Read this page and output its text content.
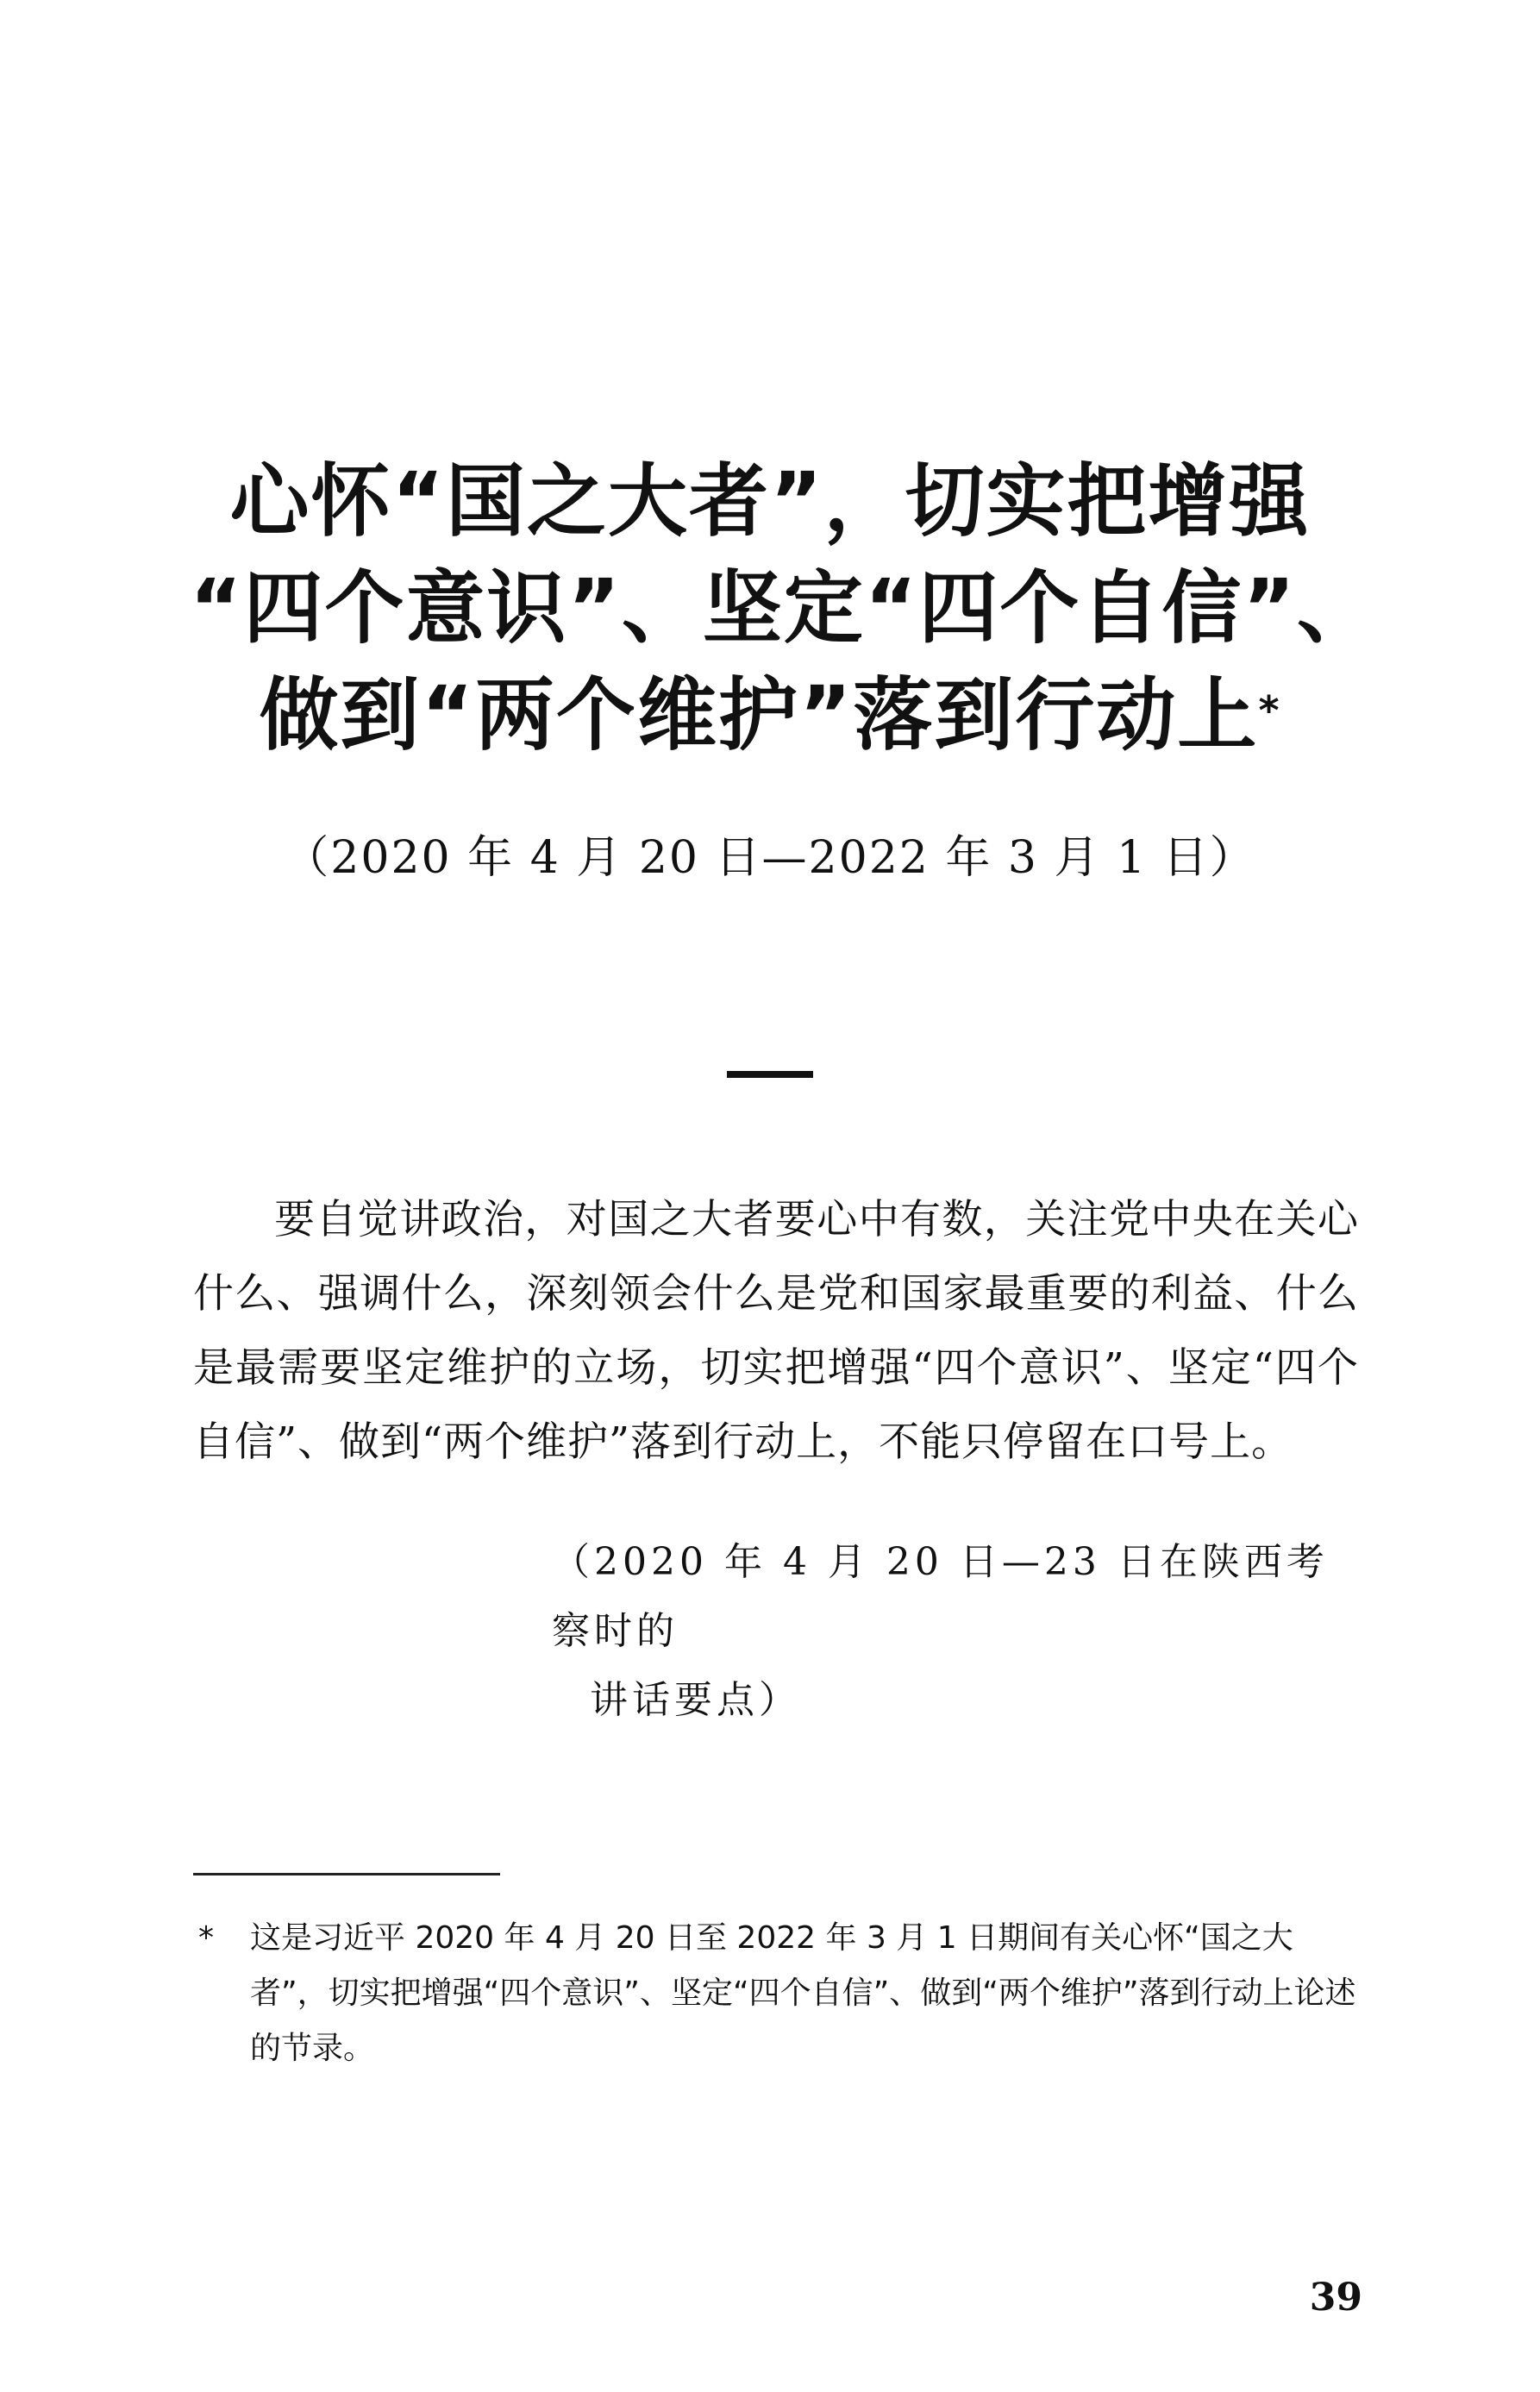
心怀“国之大者”，切实把增强
“四个意识”、坚定“四个自信”、
做到“两个维护”落到行动上*
（2020 年 4 月 20 日—2022 年 3 月 1 日）

要自觉讲政治，对国之大者要心中有数，关注党中央在关心什么、强调什么，深刻领会什么是党和国家最重要的利益、什么是最需要坚定维护的立场，切实把增强“四个意识”、坚定“四个自信”、做到“两个维护”落到行动上，不能只停留在口号上。

（2020 年 4 月 20 日—23 日在陕西考察时的
讲话要点）
* 这是习近平 2020 年 4 月 20 日至 2022 年 3 月 1 日期间有关心怀“国之大者”，切实把增强“四个意识”、坚定“四个自信”、做到“两个维护”落到行动上论述的节录。
39
